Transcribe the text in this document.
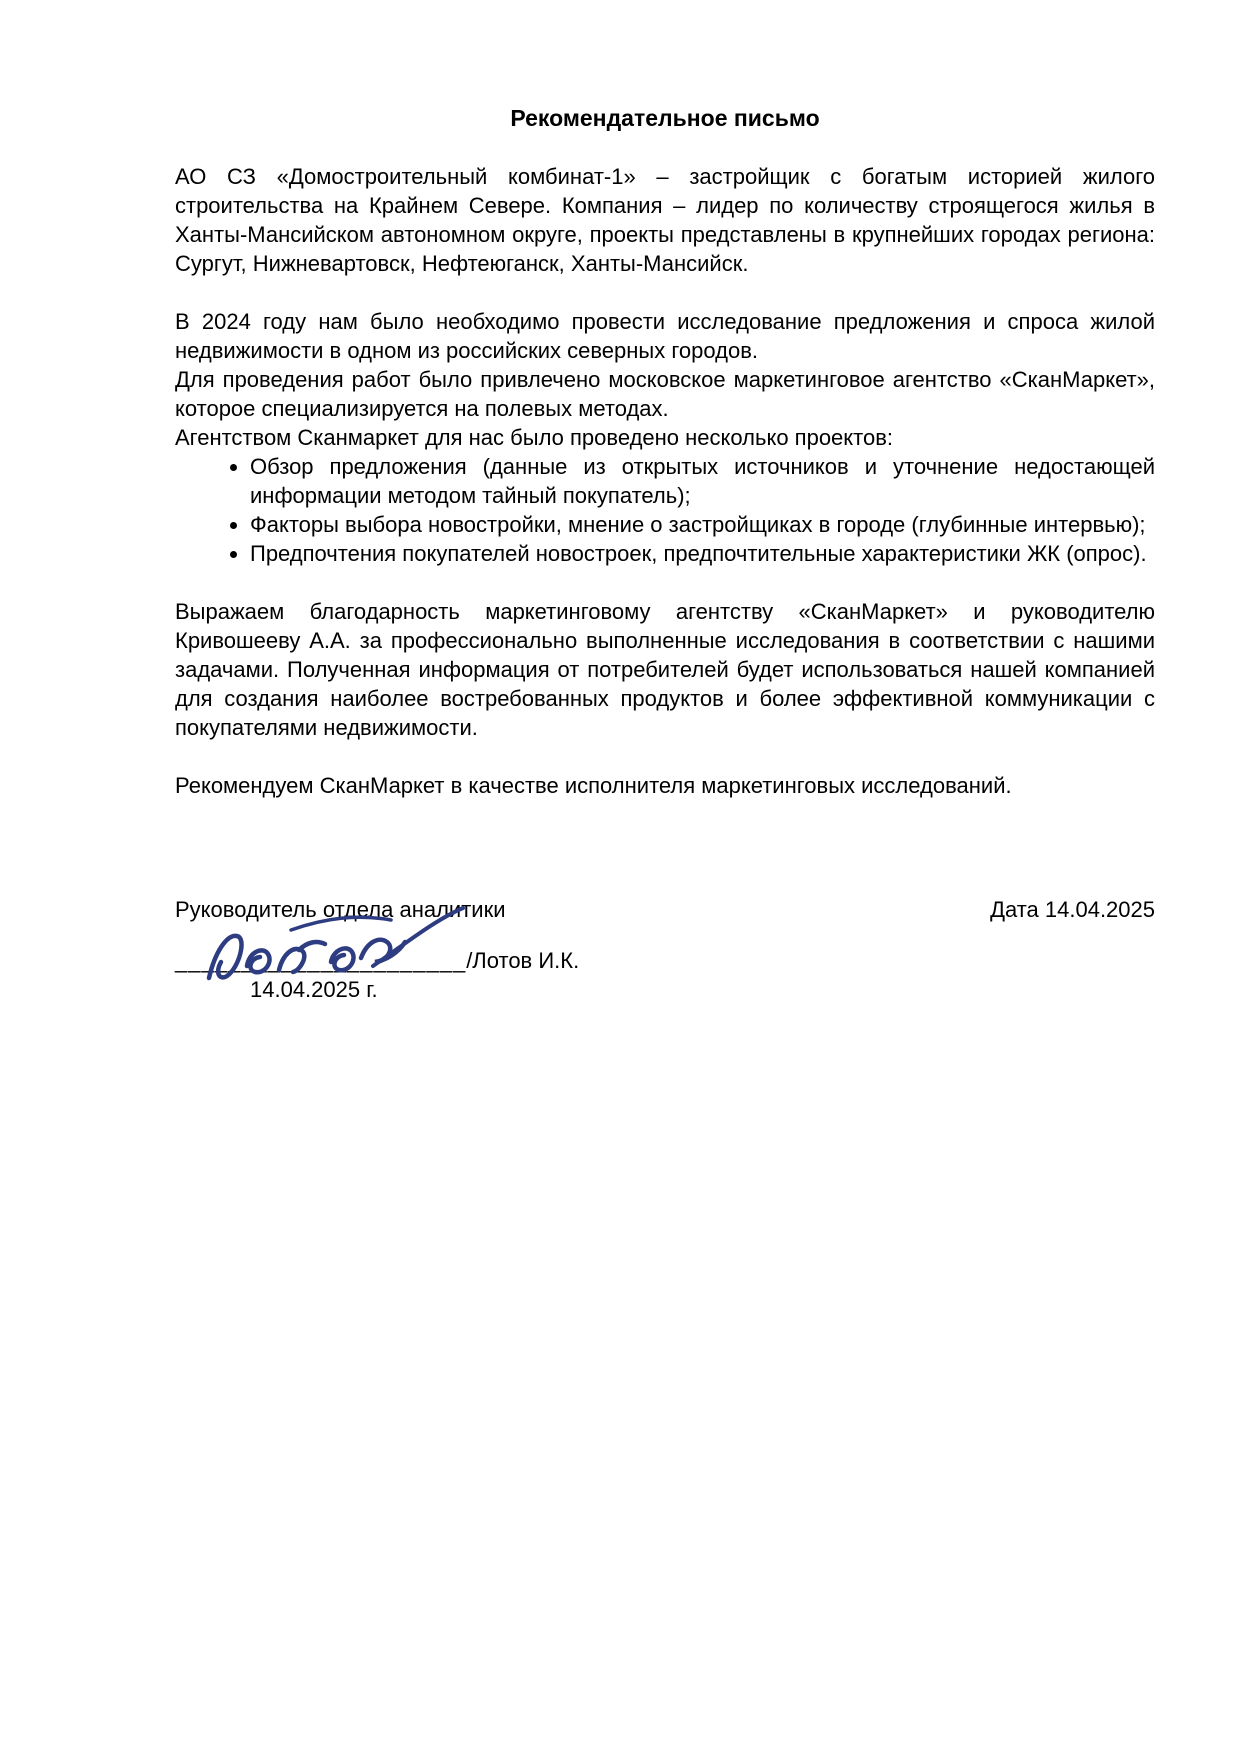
Рекомендательное письмо

АО СЗ «Домостроительный комбинат-1» – застройщик с богатым историей жилого строительства на Крайнем Севере. Компания – лидер по количеству строящегося жилья в Ханты-Мансийском автономном округе, проекты представлены в крупнейших городах региона: Сургут, Нижневартовск, Нефтеюганск, Ханты-Мансийск.

В 2024 году нам было необходимо провести исследование предложения и спроса жилой недвижимости в одном из российских северных городов.

Для проведения работ было привлечено московское маркетинговое агентство «СканМаркет», которое специализируется на полевых методах.

Агентством Сканмаркет для нас было проведено несколько проектов:

• Обзор предложения (данные из открытых источников и уточнение недостающей информации методом тайный покупатель);
• Факторы выбора новостройки, мнение о застройщиках в городе (глубинные интервью);
• Предпочтения покупателей новостроек, предпочтительные характеристики ЖК (опрос).

Выражаем благодарность маркетинговому агентству «СканМаркет» и руководителю Кривошееву А.А. за профессионально выполненные исследования в соответствии с нашими задачами. Полученная информация от потребителей будет использоваться нашей компанией для создания наиболее востребованных продуктов и более эффективной коммуникации с покупателями недвижимости.

Рекомендуем СканМаркет в качестве исполнителя маркетинговых исследований.

Руководитель отдела аналитики	Дата 14.04.2025
______________________/Лотов И.К.
14.04.2025 г.
